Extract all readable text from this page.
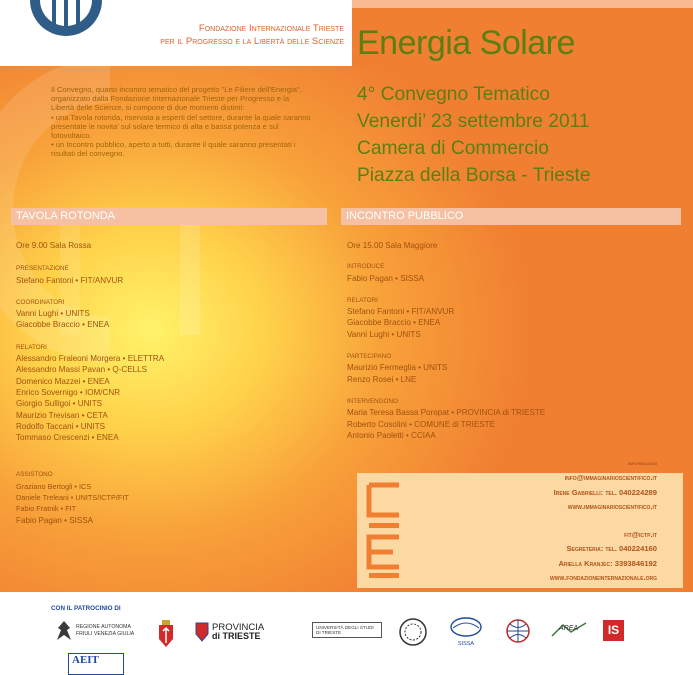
Fondazione Internazionale Trieste
per il Progresso e la Libertà delle Scienze Energia Solare
4° Convegno Tematico
Venerdi’ 23 settembre 2011
Camera di Commercio
Piazza della Borsa - Trieste

Il Convegno, quarto incontro tematico del progetto "Le Filiere dell'Energia", organizzato dalla Fondazione Internazionale Trieste per Progresso e la Libertà delle Scienze, si compone di due momenti distinti:

• una Tavola rotonda, riservata a esperti del settore, durante la quale saranno presentate le novita' sul solare termico di alta e bassa potenza e sul fotovoltaico.

• un Incontro pubblico, aperto a tutti, durante il quale saranno presentati i risultati del convegno.

TAVOLA ROTONDA	INCONTRO PUBBLICO
Ore 9.00 Sala Rossa
PRESENTAZIONE
Stefano Fantoni • FIT/ANVUR
COORDINATORI
Vanni Lughi • UNITS
Giacobbe Braccio • ENEA
RELATORI
Alessandro Fraleoni Morgera • ELETTRA
Alessandro Massi Pavan • Q-CELLS
Domenico Mazzei • ENEA
Enrico Sovernigo • IOM/CNR
Giorgio Sulligoi • UNITS
Maurizio Trevisan • CETA
Rodolfo Taccani • UNITS
Tommaso Crescenzi • ENEA
ASSISTONO
Graziano Bertogli • ICS
Daniele Treleani • UNITS/ICTP/FIT
Fabio Fratnik • FIT
Fabio Pagan • SISSA
Ore 15.00 Sala Maggiore
INTRODUCE
Fabio Pagan • SISSA
RELATORI
Stefano Fantoni • FIT/ANVUR
Giacobbe Braccio • ENEA
Vanni Lughi • UNITS
PARTECIPANO
Maurizio Fermeglia • UNITS
Renzo Rosei • LNE
INTERVENGONO
Maria Teresa Bassa Poropat • PROVINCIA di TRIESTE
Roberto Cosolini • COMUNE di TRIESTE
Antonio Paoletti • CCIAA
informazioni
info@immaginarioscientifico.it
Irene Gabrielli: tel. 040224289
www.immaginarioscientifico.it
fit@ictp.it
Segreteria: tel. 040224160
Ariella Kranjec: 3393846192
www.fondazioneinternazionale.org
CON IL PATROCINIO DI
REGIONE AUTONOMA FRIULI VENEZIA GIULIA
PROVINCIA
di TRIESTE
UNIVERSITÀ DEGLI STUDI DI TRIESTE
SISSA
AREA	IS
AEIT
